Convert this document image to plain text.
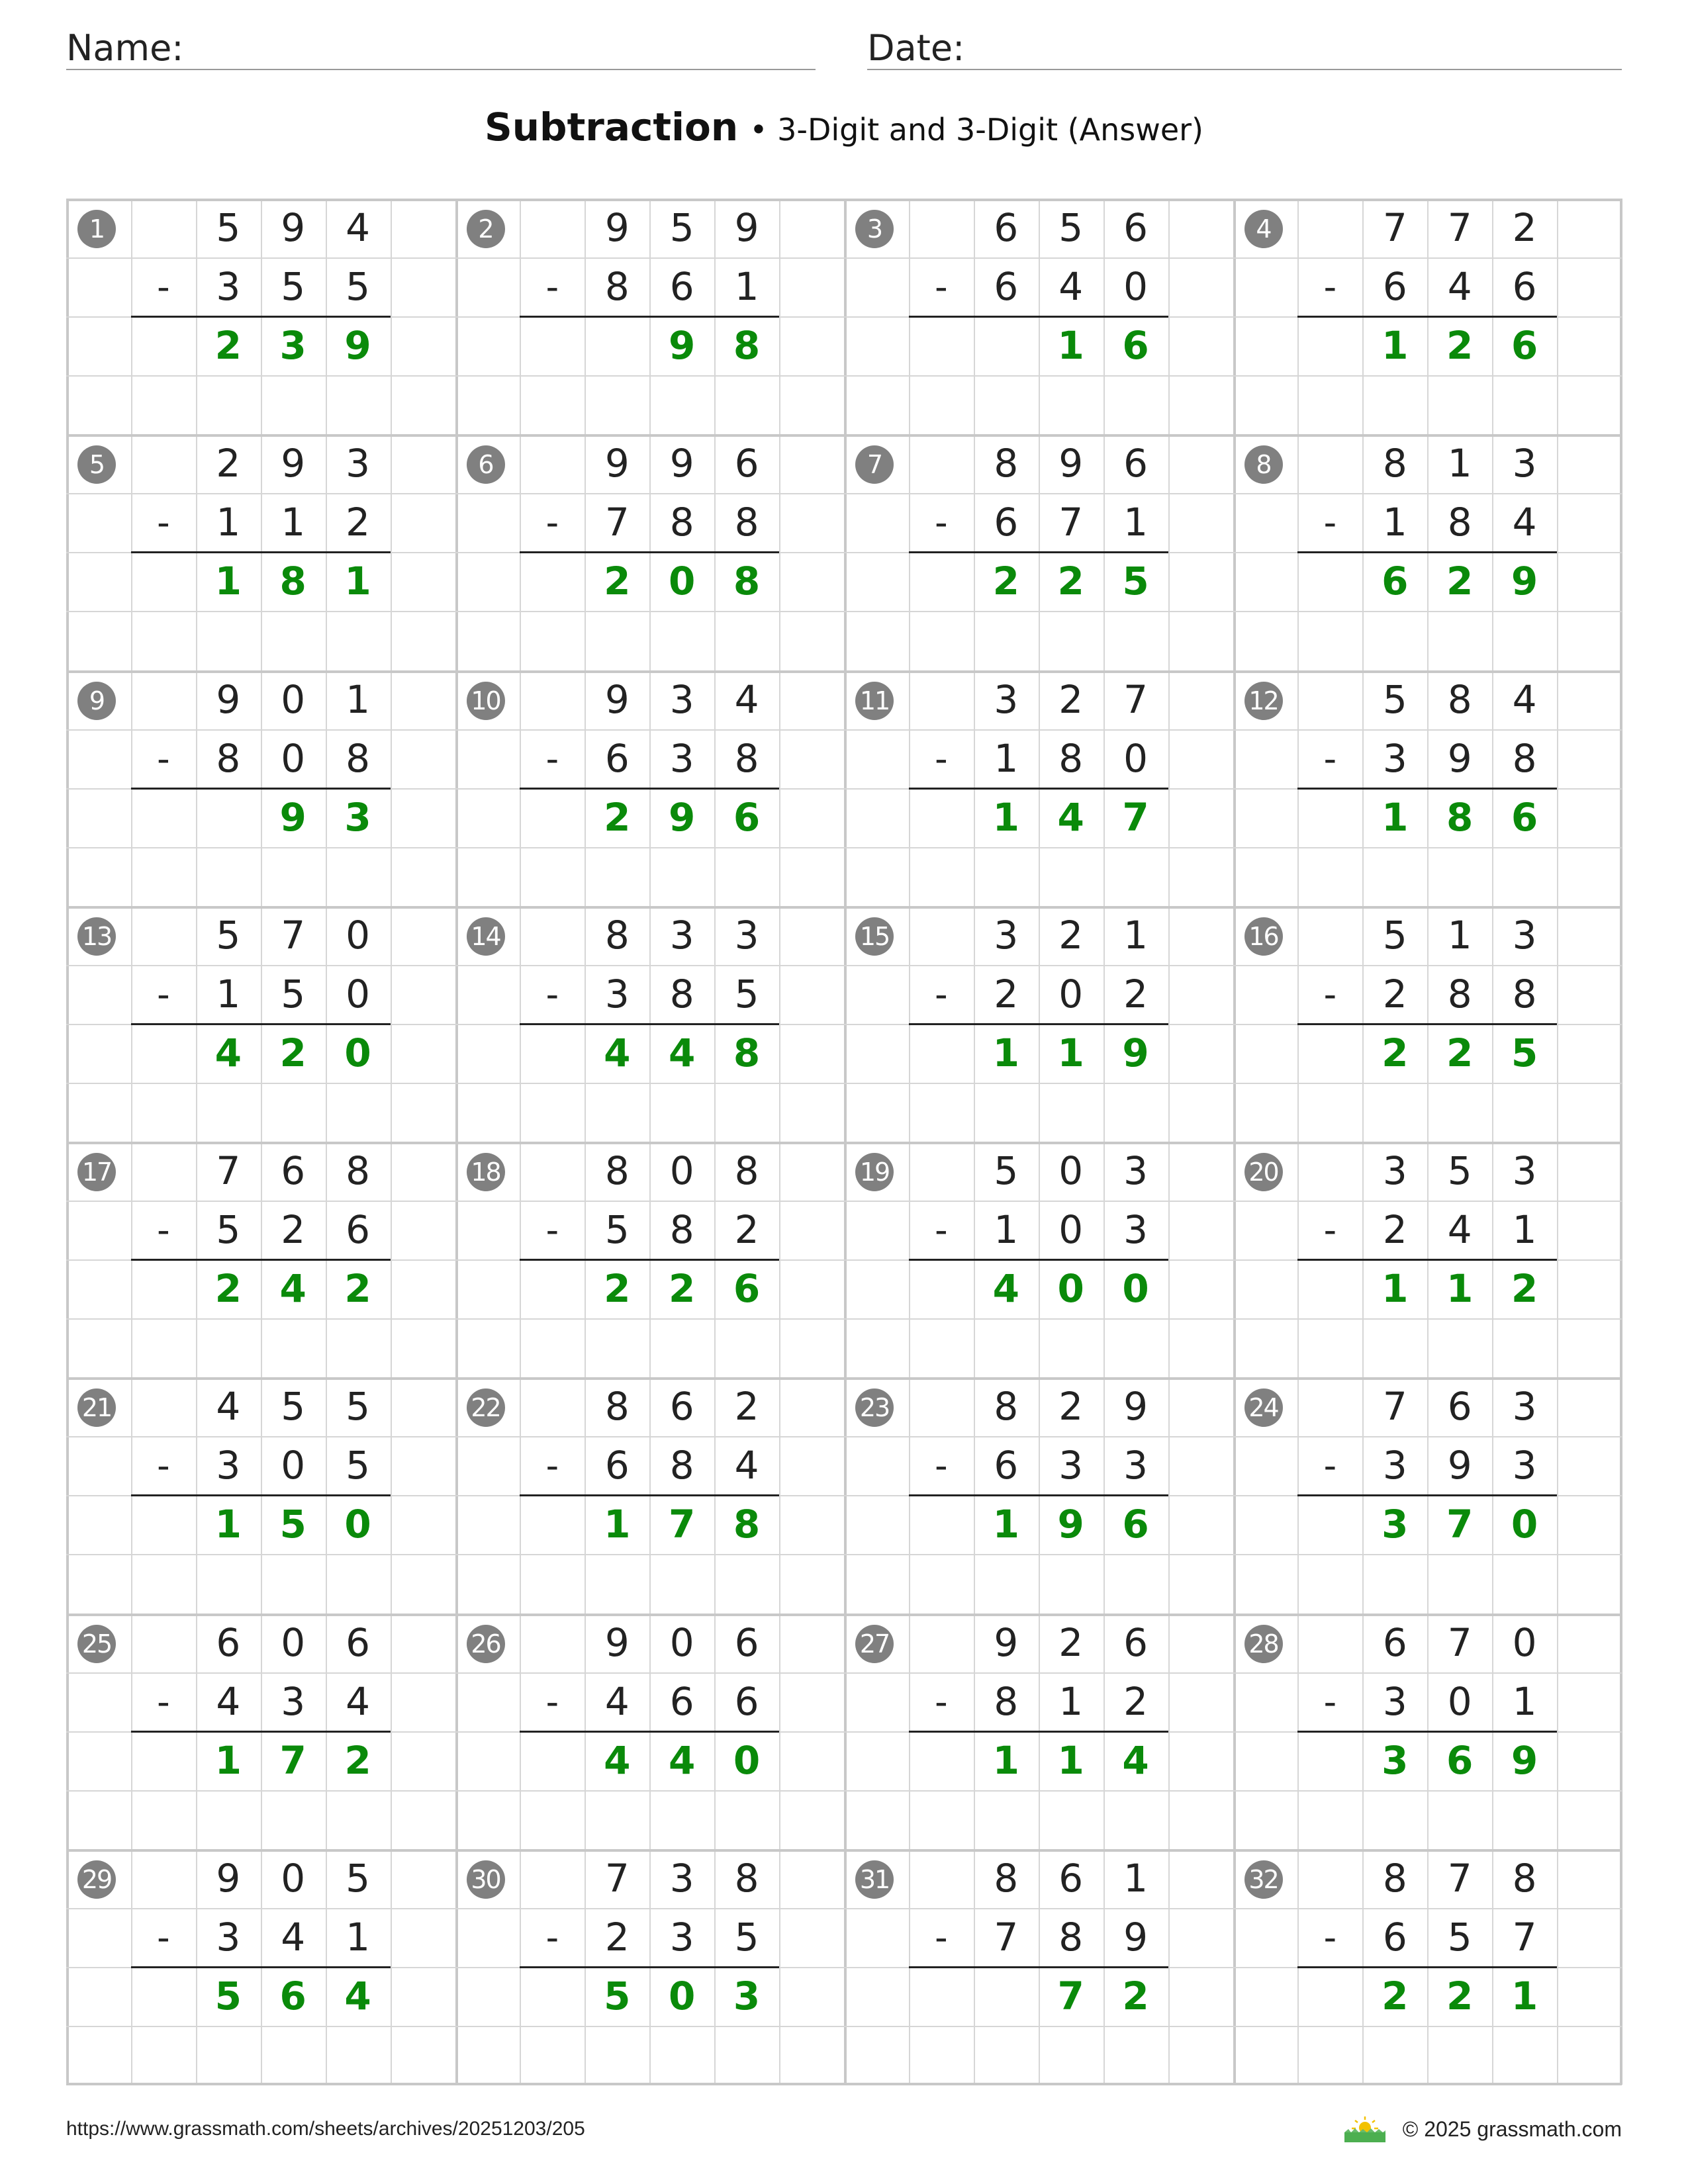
Name:	Date:
Subtraction • 3-Digit and 3-Digit (Answer)
1	5	9	4
-	3	5	5
2 3 9
2	9	5	9
-	8	6	1
9 8
3	6	5	6
-	6	4	0
1 6
4	7	7	2
-	6	4	6
1 2 6
5	2	9	3
-	1	1	2
1 8 1
6	9	9	6
-	7	8	8
2 0 8
7	8	9	6
-	6	7	1
2 2 5
8	8	1	3
-	1	8	4
6 2 9
9	9	0	1
-	8	0	8
9 3
10	9	3	4
-	6	3	8
2 9 6
11	3	2	7
-	1	8	0
1 4 7
12	5	8	4
-	3	9	8
1 8 6
13	5	7	0
-	1	5	0
4 2 0
14	8	3	3
-	3	8	5
4 4 8
15	3	2	1
-	2	0	2
1 1 9
16	5	1	3
-	2	8	8
2 2 5
17	7	6	8
-	5	2	6
2 4 2
18	8	0	8
-	5	8	2
2 2 6
19	5	0	3
-	1	0	3
4 0 0
20	3	5	3
-	2	4	1
1 1 2
21	4	5	5
-	3	0	5
1 5 0
22	8	6	2
-	6	8	4
1 7 8
23	8	2	9
-	6	3	3
1 9 6
24	7	6	3
-	3	9	3
3 7 0
25	6	0	6
-	4	3	4
1 7 2
26	9	0	6
-	4	6	6
4 4 0
27	9	2	6
-	8	1	2
1 1 4
28	6	7	0
-	3	0	1
3 6 9
29	9	0	5
-	3	4	1
5 6 4
30	7	3	8
-	2	3	5
5 0 3
31	8	6	1
-	7	8	9
7 2
32	8	7	8
-	6	5	7
2 2 1
https://www.grassmath.com/sheets/archives/20251203/205	© 2025 grassmath.com
